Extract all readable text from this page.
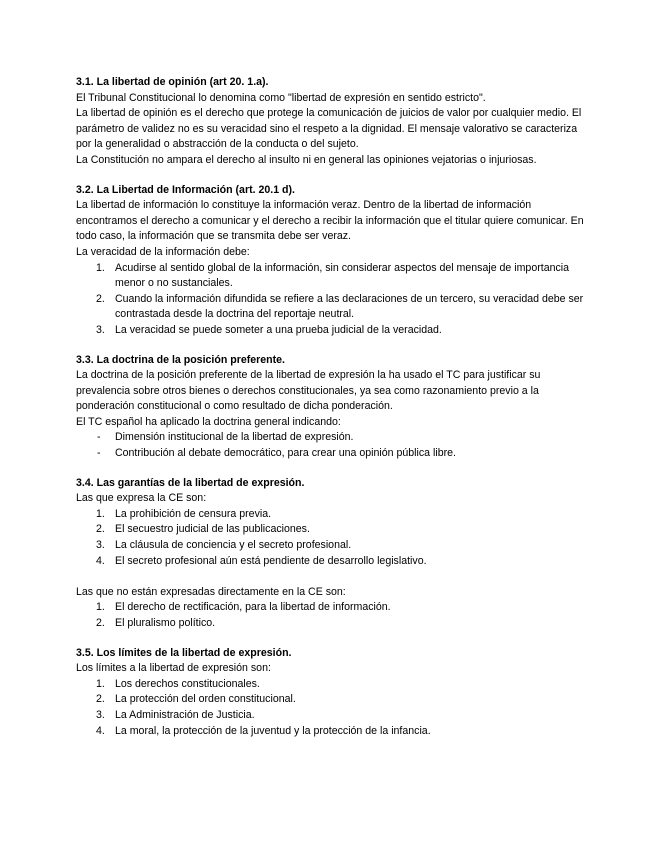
3.1. La libertad de opinión (art 20. 1.a).

El Tribunal Constitucional lo denomina como "libertad de expresión en sentido estricto".

La libertad de opinión es el derecho que protege la comunicación de juicios de valor por cualquier medio. El parámetro de validez no es su veracidad sino el respeto a la dignidad. El mensaje valorativo se caracteriza por la generalidad o abstracción de la conducta o del sujeto.

La Constitución no ampara el derecho al insulto ni en general las opiniones vejatorias o injuriosas.

3.2. La Libertad de Información (art. 20.1 d).

La libertad de información lo constituye la información veraz. Dentro de la libertad de información encontramos el derecho a comunicar y el derecho a recibir la información que el titular quiere comunicar. En todo caso, la información que se transmita debe ser veraz.

La veracidad de la información debe:

1. Acudirse al sentido global de la información, sin considerar aspectos del mensaje de importancia menor o no sustanciales.
2. Cuando la información difundida se refiere a las declaraciones de un tercero, su veracidad debe ser contrastada desde la doctrina del reportaje neutral.
3. La veracidad se puede someter a una prueba judicial de la veracidad.
3.3. La doctrina de la posición preferente.

La doctrina de la posición preferente de la libertad de expresión la ha usado el TC para justificar su prevalencia sobre otros bienes o derechos constitucionales, ya sea como razonamiento previo a la ponderación constitucional o como resultado de dicha ponderación.

El TC español ha aplicado la doctrina general indicando:

- Dimensión institucional de la libertad de expresión.
- Contribución al debate democrático, para crear una opinión pública libre.
3.4. Las garantías de la libertad de expresión.

Las que expresa la CE son:

1. La prohibición de censura previa.
2. El secuestro judicial de las publicaciones.
3. La cláusula de conciencia y el secreto profesional.
4. El secreto profesional aún está pendiente de desarrollo legislativo.

Las que no están expresadas directamente en la CE son:

1. El derecho de rectificación, para la libertad de información.
2. El pluralismo político.
3.5. Los límites de la libertad de expresión.

Los límites a la libertad de expresión son:

1. Los derechos constitucionales.
2. La protección del orden constitucional.
3. La Administración de Justicia.
4. La moral, la protección de la juventud y la protección de la infancia.
